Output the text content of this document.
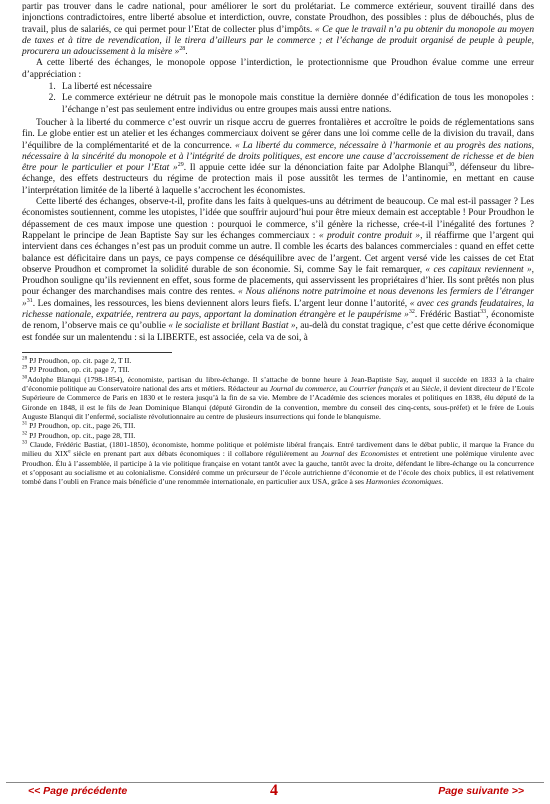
partir pas trouver dans le cadre national, pour améliorer le sort du prolétariat. Le commerce extérieur, souvent tiraillé dans des injonctions contradictoires, entre liberté absolue et interdiction, ouvre, constate Proudhon, des possibles : plus de débouchés, plus de travail, plus de salariés, ce qui permet pour l’Etat de collecter plus d’impôts. « Ce que le travail n’a pu obtenir du monopole au moyen de taxes et à titre de revendication, il le tirera d’ailleurs par le commerce ; et l’échange de produit organisé de peuple à peuple, procurera un adoucissement à la misère »$^{28}$.

A cette liberté des échanges, le monopole oppose l’interdiction, le protectionnisme que Proudhon évalue comme une erreur d’appréciation :

1. La liberté est nécessaire
2. Le commerce extérieur ne détruit pas le monopole mais constitue la dernière donnée d’édification de tous les monopoles : l’échange n’est pas seulement entre individus ou entre groupes mais aussi entre nations.

Toucher à la liberté du commerce c’est ouvrir un risque accru de guerres frontalières et accroître le poids de réglementations sans fin. Le globe entier est un atelier et les échanges commerciaux doivent se gérer dans une loi comme celle de la division du travail, dans l’équilibre de la complémentarité et de la concurrence. « La liberté du commerce, nécessaire à l’harmonie et au progrès des nations, nécessaire à la sincérité du monopole et à l’intégrité de droits politiques, est encore une cause d’accroissement de richesse et de bien être pour le particulier et pour l’Etat »$^{29}$. Il appuie cette idée sur la dénonciation faite par Adolphe Blanqui$^{30}$, défenseur du libre-échange, des effets destructeurs du régime de protection mais il pose aussitôt les termes de l’antinomie, en mettant en cause l’interprétation limitée de la liberté à laquelle s’accrochent les économistes.

Cette liberté des échanges, observe-t-il, profite dans les faits à quelques-uns au détriment de beaucoup. Ce mal est-il passager ? Les économistes soutiennent, comme les utopistes, l’idée que souffrir aujourd’hui pour être mieux demain est acceptable ! Pour Proudhon le dépassement de ces maux impose une question : pourquoi le commerce, s’il génère la richesse, crée-t-il l’inégalité des fortunes ? Rappelant le principe de Jean Baptiste Say sur les échanges commerciaux : « produit contre produit », il réaffirme que l’argent qui intervient dans ces échanges n’est pas un produit comme un autre. Il comble les écarts des balances commerciales : quand en effet cette balance est déficitaire dans un pays, ce pays compense ce déséquilibre avec de l’argent. Cet argent versé vide les caisses de cet Etat observe Proudhon et compromet la solidité durable de son économie. Si, comme Say le fait remarquer, « ces capitaux reviennent », Proudhon souligne qu’ils reviennent en effet, sous forme de placements, qui asservissent les propriétaires d’hier. Ils sont prêtés non plus pour échanger des marchandises mais contre des rentes. « Nous aliénons notre patrimoine et nous devenons les fermiers de l’étranger »$^{31}$. Les domaines, les ressources, les biens deviennent alors leurs fiefs. L’argent leur donne l’autorité, « avec ces grands feudataires, la richesse nationale, expatriée, rentrera au pays, apportant la domination étrangère et le paupérisme »$^{32}$. Frédéric Bastiat$^{33}$, économiste de renom, l’observe mais ce qu’oublie « le socialiste et brillant Bastiat », au-delà du constat tragique, c’est que cette dérive économique est fondée sur un malentendu : si la LIBERTE, est associée, cela va de soi, à

$^{28}$ PJ Proudhon, op. cit. page 2, T II.

$^{29}$ PJ Proudhon, op. cit. page 7, TII.

$^{30}$Adolphe Blanqui (1798-1854), économiste, partisan du libre-échange. Il s’attache de bonne heure à Jean-Baptiste Say, auquel il succède en 1833 à la chaire d’économie politique au Conservatoire national des arts et métiers. Rédacteur au Journal du commerce, au Courrier français et au Siècle, il devient directeur de l’Ecole Supérieure de Commerce de Paris en 1830 et le restera jusqu’à la fin de sa vie. Membre de l’Académie des sciences morales et politiques en 1838, élu député de la Gironde en 1848, il est le fils de Jean Dominique Blanqui (député Girondin de la convention, membre du conseil des cinq-cents, sous-préfet) et le frère de Louis Auguste Blanqui dit l’enfermé, socialiste révolutionnaire au centre de plusieurs insurrections qui fonde le blanquisme.

$^{31}$ PJ Proudhon, op. cit., page 26, TII.

$^{32}$ PJ Proudhon, op. cit., page 28, TII.

$^{33}$ Claude, Frédéric Bastiat, (1801-1850), économiste, homme politique et polémiste libéral français. Entré tardivement dans le débat public, il marque la France du milieu du XIXe siècle en prenant part aux débats économiques : il collabore régulièrement au Journal des Economistes et entretient une polémique virulente avec Proudhon. Élu à l’assemblée, il participe à la vie politique française en votant tantôt avec la gauche, tantôt avec la droite, défendant le libre-échange ou la concurrence et s’opposant au socialisme et au colonialisme. Considéré comme un précurseur de l’école autrichienne d’économie et de l’école des choix publics, il est relativement tombé dans l’oubli en France mais bénéficie d’une renommée internationale, en particulier aux USA, grâce à ses Harmonies économiques.

<< Page précédente	4	Page suivante >>
